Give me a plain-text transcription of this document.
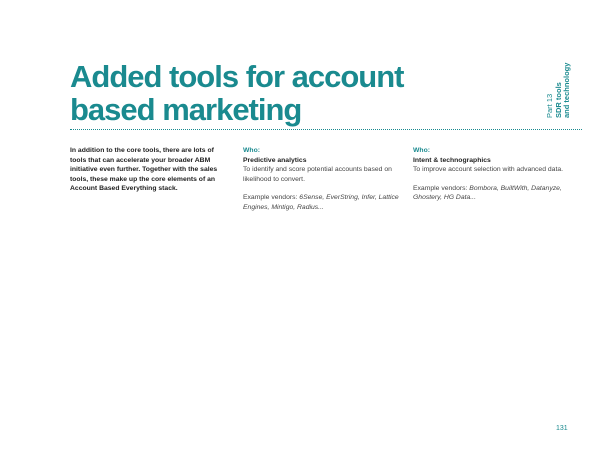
Added tools for account
based marketing	Part 13 SDR tools and technology
In addition to the core tools, there are lots of tools that can accelerate your broader ABM initiative even further. Together with the sales tools, these make up the core elements of an Account Based Everything stack.
Who:
Predictive analytics
To identify and score potential accounts based on likelihood to convert.
Example vendors: 6Sense, EverString, Infer, Lattice Engines, Mintigo, Radius...
Who:
Intent & technographics
To improve account selection with advanced data.
Example vendors: Bombora, BuiltWith, Datanyze, Ghostery, HG Data...
131
